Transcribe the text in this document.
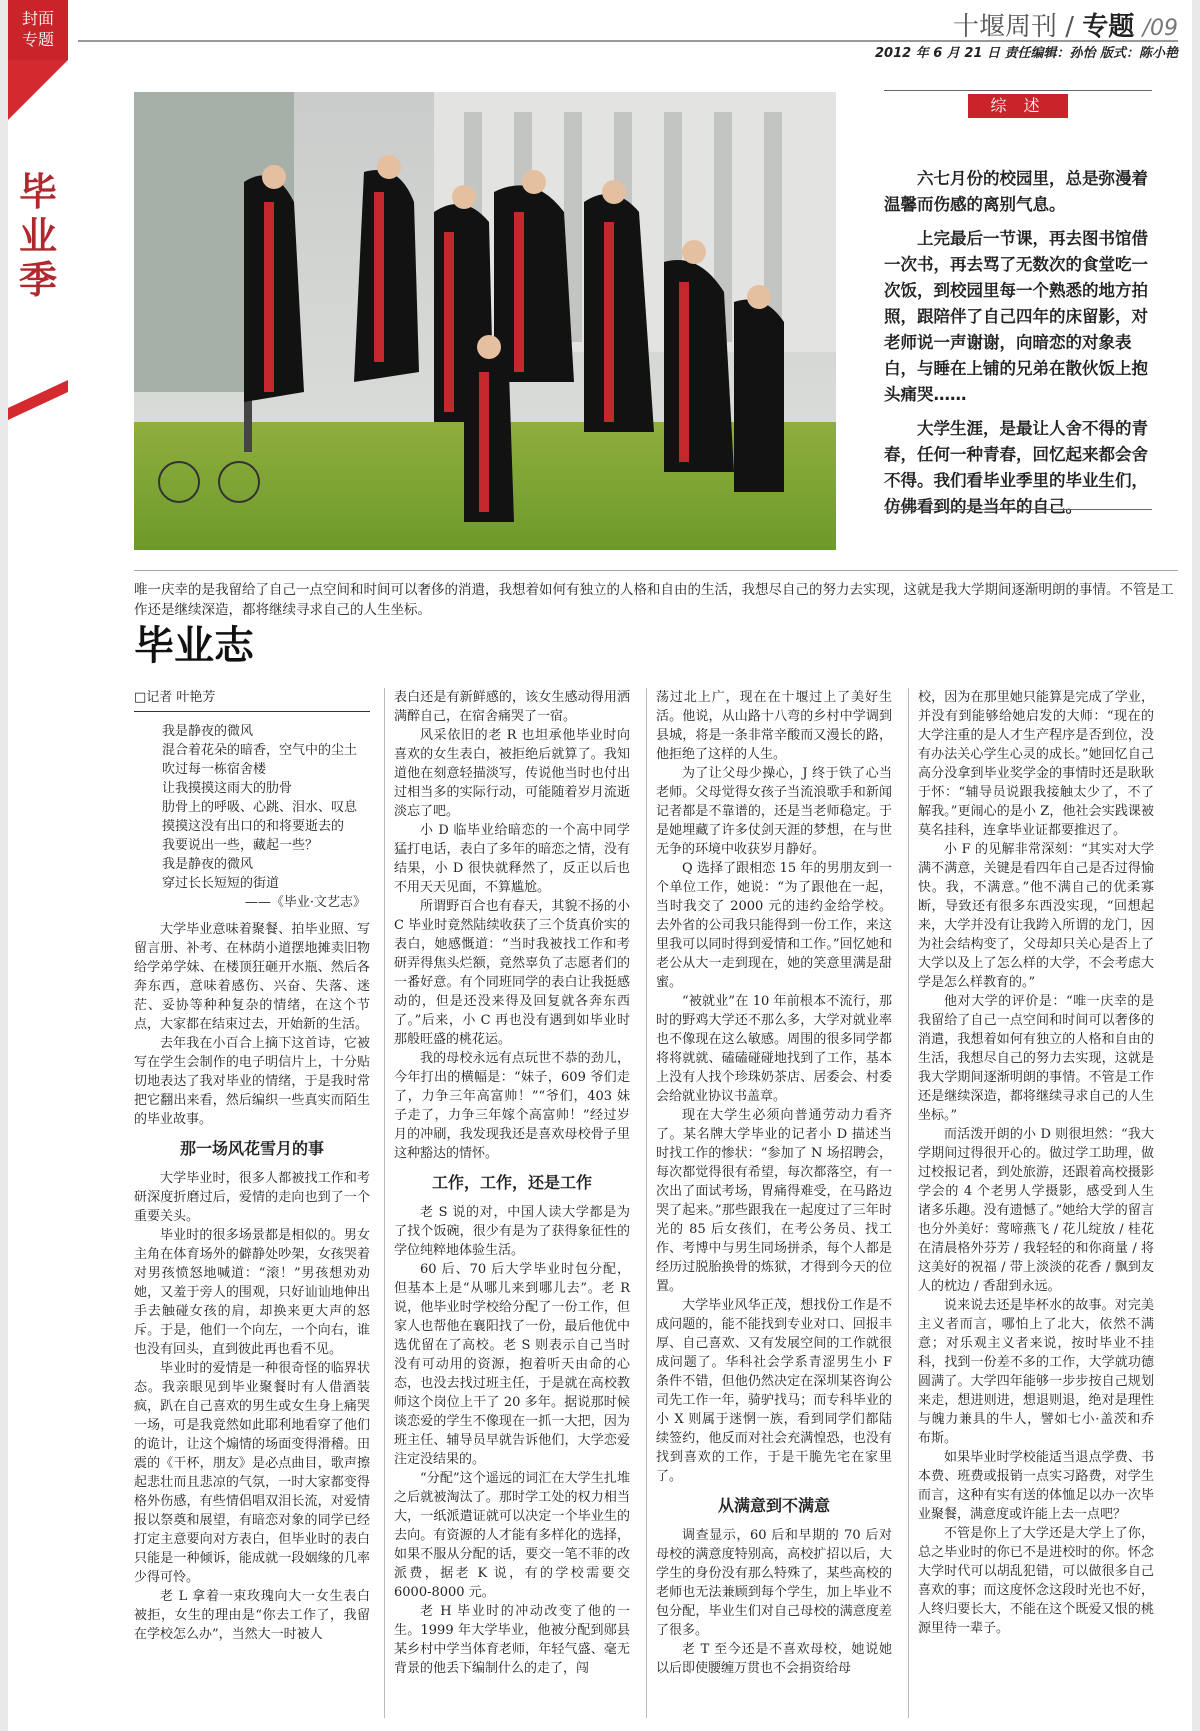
封面
专题
毕
业
季
十堰周刊 / 专题 /09
2012 年 6 月 21 日 责任编辑：孙怡 版式：陈小艳
综 述

六七月份的校园里，总是弥漫着温馨而伤感的离别气息。

上完最后一节课，再去图书馆借一次书，再去骂了无数次的食堂吃一次饭，到校园里每一个熟悉的地方拍照，跟陪伴了自己四年的床留影，对老师说一声谢谢，向暗恋的对象表白，与睡在上铺的兄弟在散伙饭上抱头痛哭……

大学生涯，是最让人舍不得的青春，任何一种青春，回忆起来都会舍不得。我们看毕业季里的毕业生们，仿佛看到的是当年的自己。

唯一庆幸的是我留给了自己一点空间和时间可以奢侈的消遣，我想着如何有独立的人格和自由的生活，我想尽自己的努力去实现，这就是我大学期间逐渐明朗的事情。不管是工作还是继续深造，都将继续寻求自己的人生坐标。
毕业志

□记者 叶艳芳

我是静夜的微风
混合着花朵的暗香，空气中的尘土
吹过每一栋宿舍楼
让我摸摸这雨大的肋骨
肋骨上的呼吸、心跳、泪水、叹息
摸摸这没有出口的和将要逝去的
我要说出一些，藏起一些？
我是静夜的微风
穿过长长短短的街道
——《毕业·文艺志》

大学毕业意味着聚餐、拍毕业照、写留言册、补考、在林荫小道摆地摊卖旧物给学弟学妹、在楼顶狂砸开水瓶、然后各奔东西，意味着感伤、兴奋、失落、迷茫、妥协等种种复杂的情绪，在这个节点，大家都在结束过去，开始新的生活。

去年我在小百合上摘下这首诗，它被写在学生会制作的电子明信片上，十分贴切地表达了我对毕业的情绪，于是我时常把它翻出来看，然后编织一些真实而陌生的毕业故事。

那一场风花雪月的事

大学毕业时，很多人都被找工作和考研深度折磨过后，爱情的走向也到了一个重要关头。

毕业时的很多场景都是相似的。男女主角在体育场外的僻静处吵架，女孩哭着对男孩愤怒地喊道：“滚！”男孩想劝劝她，又羞于旁人的围观，只好讪讪地伸出手去触碰女孩的肩，却换来更大声的怒斥。于是，他们一个向左，一个向右，谁也没有回头，直到彼此再也看不见。

毕业时的爱情是一种很奇怪的临界状态。我亲眼见到毕业聚餐时有人借酒装疯，趴在自己喜欢的男生或女生身上痛哭一场，可是我竟然如此耶利地看穿了他们的诡计，让这个煽情的场面变得滑稽。田震的《干杯，朋友》是必点曲目，歌声擦起悲壮而且悲凉的气氛，一时大家都变得格外伤感，有些情侣唱双泪长流，对爱情报以祭奠和展望，有暗恋对象的同学已经打定主意要向对方表白，但毕业时的表白只能是一种倾诉，能成就一段姻缘的几率少得可怜。

老 L 拿着一束玫瑰向大一女生表白被拒，女生的理由是“你去工作了，我留在学校怎么办”，当然大一时被人

表白还是有新鲜感的，该女生感动得用洒满醉自己，在宿舍痛哭了一宿。

风采依旧的老 R 也坦承他毕业时向喜欢的女生表白，被拒绝后就算了。我知道他在刻意轻描淡写，传说他当时也付出过相当多的实际行动，可能随着岁月流逝淡忘了吧。

小 D 临毕业给暗恋的一个高中同学猛打电话，表白了多年的暗恋之情，没有结果，小 D 很快就释然了，反正以后也不用天天见面，不算尴尬。

所谓野百合也有春天，其貌不扬的小 C 毕业时竟然陆续收获了三个货真价实的表白，她感慨道：“当时我被找工作和考研弄得焦头烂额，竟然辜负了志愿者们的一番好意。有个同班同学的表白让我挺感动的，但是还没来得及回复就各奔东西了。”后来，小 C 再也没有遇到如毕业时那般旺盛的桃花运。

我的母校永远有点玩世不恭的劲儿，今年打出的横幅是：“妹子，609 爷们走了，力争三年高富帅！”“爷们，403 妹子走了，力争三年嫁个高富帅！”经过岁月的冲刷，我发现我还是喜欢母校骨子里这种豁达的情怀。

工作，工作，还是工作

老 S 说的对，中国人读大学都是为了找个饭碗，很少有是为了获得象征性的学位纯粹地体验生活。

60 后、70 后大学毕业时包分配，但基本上是“从哪儿来到哪儿去”。老 R 说，他毕业时学校给分配了一份工作，但家人也帮他在襄阳找了一份，最后他优中选优留在了高校。老 S 则表示自己当时没有可动用的资源，抱着听天由命的心态，也没去找过班主任，于是就在高校教师这个岗位上干了 20 多年。据说那时候谈恋爱的学生不像现在一抓一大把，因为班主任、辅导员早就告诉他们，大学恋爱注定没结果的。

“分配”这个遥远的词汇在大学生扎堆之后就被淘汰了。那时学工处的权力相当大，一纸派遣证就可以决定一个毕业生的去向。有资源的人才能有多样化的选择，如果不服从分配的话，要交一笔不菲的改派费，据老 K 说，有的学校需要交 6000-8000 元。

老 H 毕业时的冲动改变了他的一生。1999 年大学毕业，他被分配到郧县某乡村中学当体育老师，年轻气盛、毫无背景的他丢下编制什么的走了，闯

荡过北上广，现在在十堰过上了美好生活。他说，从山路十八弯的乡村中学调到县城，将是一条非常辛酸而又漫长的路，他拒绝了这样的人生。

为了让父母少操心，J 终于铁了心当老师。父母觉得女孩子当流浪歌手和新闻记者都是不靠谱的，还是当老师稳定。于是她埋藏了许多仗剑天涯的梦想，在与世无争的环境中收获岁月静好。

Q 选择了跟相恋 15 年的男朋友到一个单位工作，她说：“为了跟他在一起，当时我交了 2000 元的违约金给学校。去外省的公司我只能得到一份工作，来这里我可以同时得到爱情和工作。”回忆她和老公从大一走到现在，她的笑意里满是甜蜜。

“被就业”在 10 年前根本不流行，那时的野鸡大学还不那么多，大学对就业率也不像现在这么敏感。周围的很多同学都将将就就、磕磕碰碰地找到了工作，基本上没有人找个珍珠奶茶店、居委会、村委会给就业协议书盖章。

现在大学生必须向普通劳动力看齐了。某名牌大学毕业的记者小 D 描述当时找工作的惨状：“参加了 N 场招聘会，每次都觉得很有希望，每次都落空，有一次出了面试考场，胃痛得难受，在马路边哭了起来。”那些跟我在一起度过了三年时光的 85 后女孩们，在考公务员、找工作、考博中与男生同场拼杀，每个人都是经历过脱胎换骨的炼狱，才得到今天的位置。

大学毕业风华正茂，想找份工作是不成问题的，能不能找到专业对口、回报丰厚、自己喜欢、又有发展空间的工作就很成问题了。华科社会学系青涩男生小 F 条件不错，但他仍然决定在深圳某咨询公司先工作一年，骑驴找马；而专科毕业的小 X 则属于迷惘一族，看到同学们都陆续签约，他反而对社会充满惶恐，也没有找到喜欢的工作，于是干脆先宅在家里了。

从满意到不满意

调查显示，60 后和早期的 70 后对母校的满意度特别高，高校扩招以后，大学生的身份没有那么特殊了，某些高校的老师也无法兼顾到每个学生，加上毕业不包分配，毕业生们对自己母校的满意度差了很多。

老 T 至今还是不喜欢母校，她说她以后即使腰缠万贯也不会捐资给母

校，因为在那里她只能算是完成了学业，并没有到能够给她启发的大师：“现在的大学注重的是人才生产程序是否到位，没有办法关心学生心灵的成长。”她回忆自己高分没拿到毕业奖学金的事情时还是耿耿于怀：“辅导员说跟我接触太少了，不了解我。”更闹心的是小 Z，他社会实践课被莫名挂科，连拿毕业证都要推迟了。

小 F 的见解非常深刻：“其实对大学满不满意，关键是看四年自己是否过得愉快。我，不满意。”他不满自己的优柔寡断，导致还有很多东西没实现，“回想起来，大学并没有让我跨入所谓的龙门，因为社会结构变了，父母却只关心是否上了大学以及上了怎么样的大学，不会考虑大学是怎么样教育的。”

他对大学的评价是：“唯一庆幸的是我留给了自己一点空间和时间可以奢侈的消遣，我想着如何有独立的人格和自由的生活，我想尽自己的努力去实现，这就是我大学期间逐渐明朗的事情。不管是工作还是继续深造，都将继续寻求自己的人生坐标。”

而活泼开朗的小 D 则很坦然：“我大学期间过得很开心的。做过学工助理，做过校报记者，到处旅游，还跟着高校摄影学会的 4 个老男人学摄影，感受到人生诸多乐趣。没有遗憾了。”她给大学的留言也分外美好：莺啼燕飞 / 花儿绽放 / 桂花在清晨格外芬芳 / 我轻轻的和你商量 / 将这美好的祝福 / 带上淡淡的花香 / 飘到友人的枕边 / 香甜到永远。

说来说去还是毕杯水的故事。对完美主义者而言，哪怕上了北大，依然不满意；对乐观主义者来说，按时毕业不挂科，找到一份差不多的工作，大学就功德圆满了。大学四年能够一步步按自己规划来走，想进则进，想退则退，绝对是理性与魄力兼具的牛人，譬如七小·盖茨和乔布斯。

如果毕业时学校能适当退点学费、书本费、班费或报销一点实习路费，对学生而言，这种有实有送的体恤足以办一次毕业聚餐，满意度或许能上去一点吧？

不管是你上了大学还是大学上了你，总之毕业时的你已不是进校时的你。怀念大学时代可以胡乱犯错，可以做很多自己喜欢的事；而这度怀念这段时光也不好，人终归要长大，不能在这个既爱又恨的桃源里待一辈子。
